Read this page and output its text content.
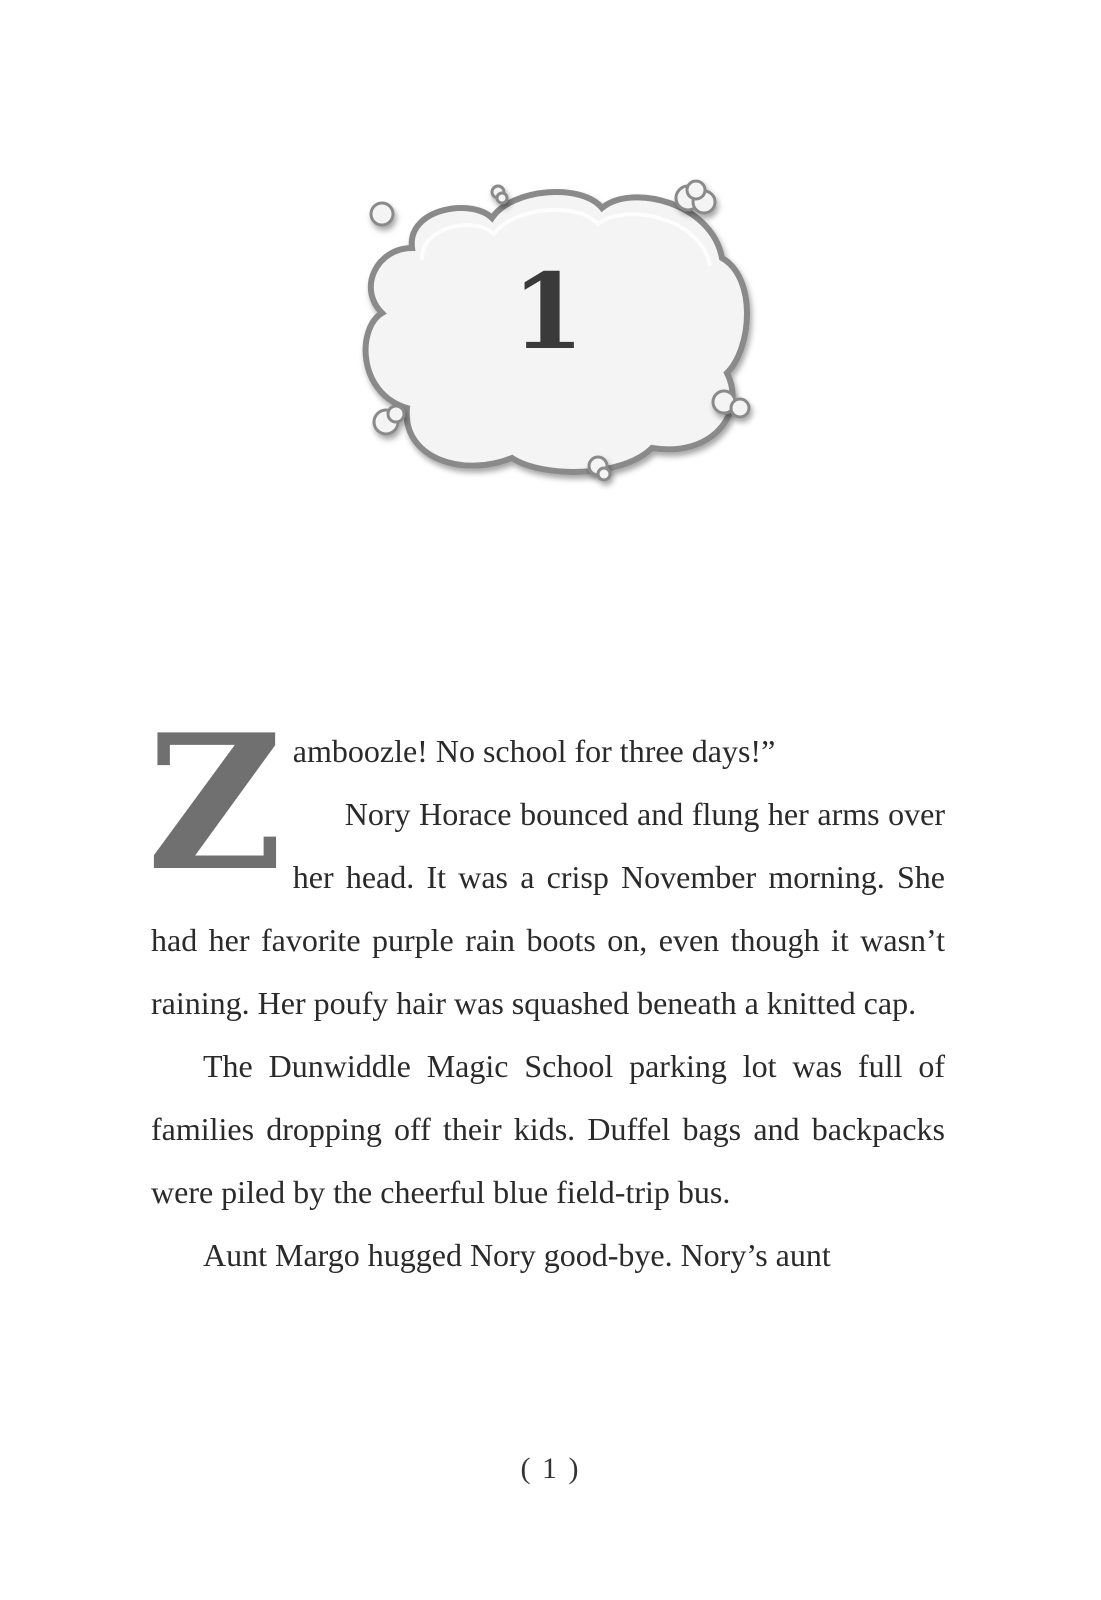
1
Z amboozle! No school for three days!”

Nory Horace bounced and flung her arms over her head. It was a crisp November morning. She had her favorite purple rain boots on, even though it wasn’t raining. Her poufy hair was squashed beneath a knitted cap.

The Dunwiddle Magic School parking lot was full of families dropping off their kids. Duffel bags and backpacks were piled by the cheerful blue field-trip bus.

Aunt Margo hugged Nory good-bye. Nory’s aunt

( 1 )
